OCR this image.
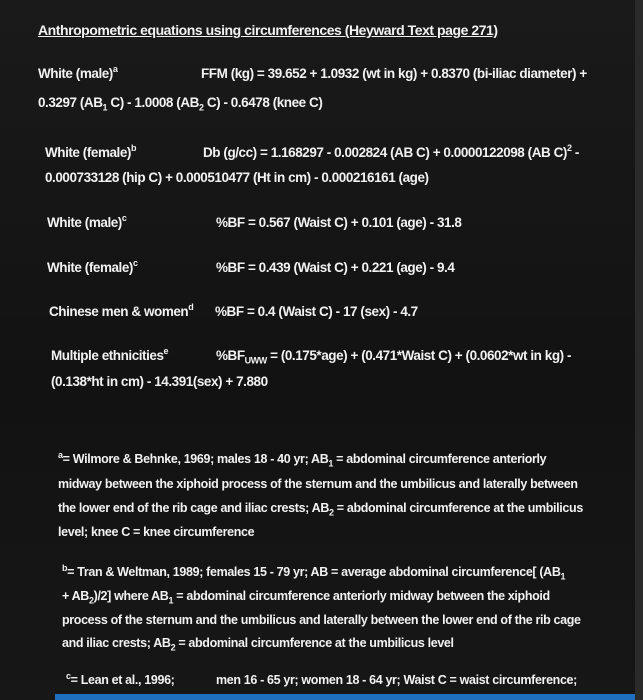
Anthropometric equations using circumferences (Heyward Text page 271)
White (male)$^a$	FFM (kg) = 39.652 + 1.0932 (wt in kg) + 0.8370 (bi-iliac diameter) +
0.3297 ($AB_1$ C) - 1.0008 ($AB_2$ C) - 0.6478 (knee C)
White (female)$^b$	Db (g/cc) = 1.168297 - 0.002824 (AB C) + 0.0000122098 (AB C)$^2$ -
0.000733128 (hip C) + 0.000510477 (Ht in cm) - 0.000216161 (age)
White (male)$^c$	%BF = 0.567 (Waist C) + 0.101 (age) - 31.8
White (female)$^c$	%BF = 0.439 (Waist C) + 0.221 (age) - 9.4
Chinese men & women$^d$ %BF = 0.4 (Waist C) - 17 (sex) - 4.7
Multiple ethnicities$^e$	$\%BF_{UWW} = (0.175*age)$ + (0.471*Waist C) + (0.0602*wt in kg) -
(0.138*ht in cm) - 14.391(sex) + 7.880
$^a$= Wilmore & Behnke, 1969; males 18 - 40 yr; $AB_1$ = abdominal circumference anteriorly
midway between the xiphoid process of the sternum and the umbilicus and laterally between
the lower end of the rib cage and iliac crests; $AB_2$ = abdominal circumference at the umbilicus
level; knee C = knee circumference
$^b$= Tran & Weltman, 1989; females 15 - 79 yr; AB = average abdominal circumference[ ($AB_1$
+ $AB_2)/2$] where $AB_1$ = abdominal circumference anteriorly midway between the xiphoid
process of the sternum and the umbilicus and laterally between the lower end of the rib cage
and iliac crests; $AB_2$ = abdominal circumference at the umbilicus level
$^c$= Lean et al., 1996;	men 16 - 65 yr; women 18 - 64 yr; Waist C = waist circumference;
